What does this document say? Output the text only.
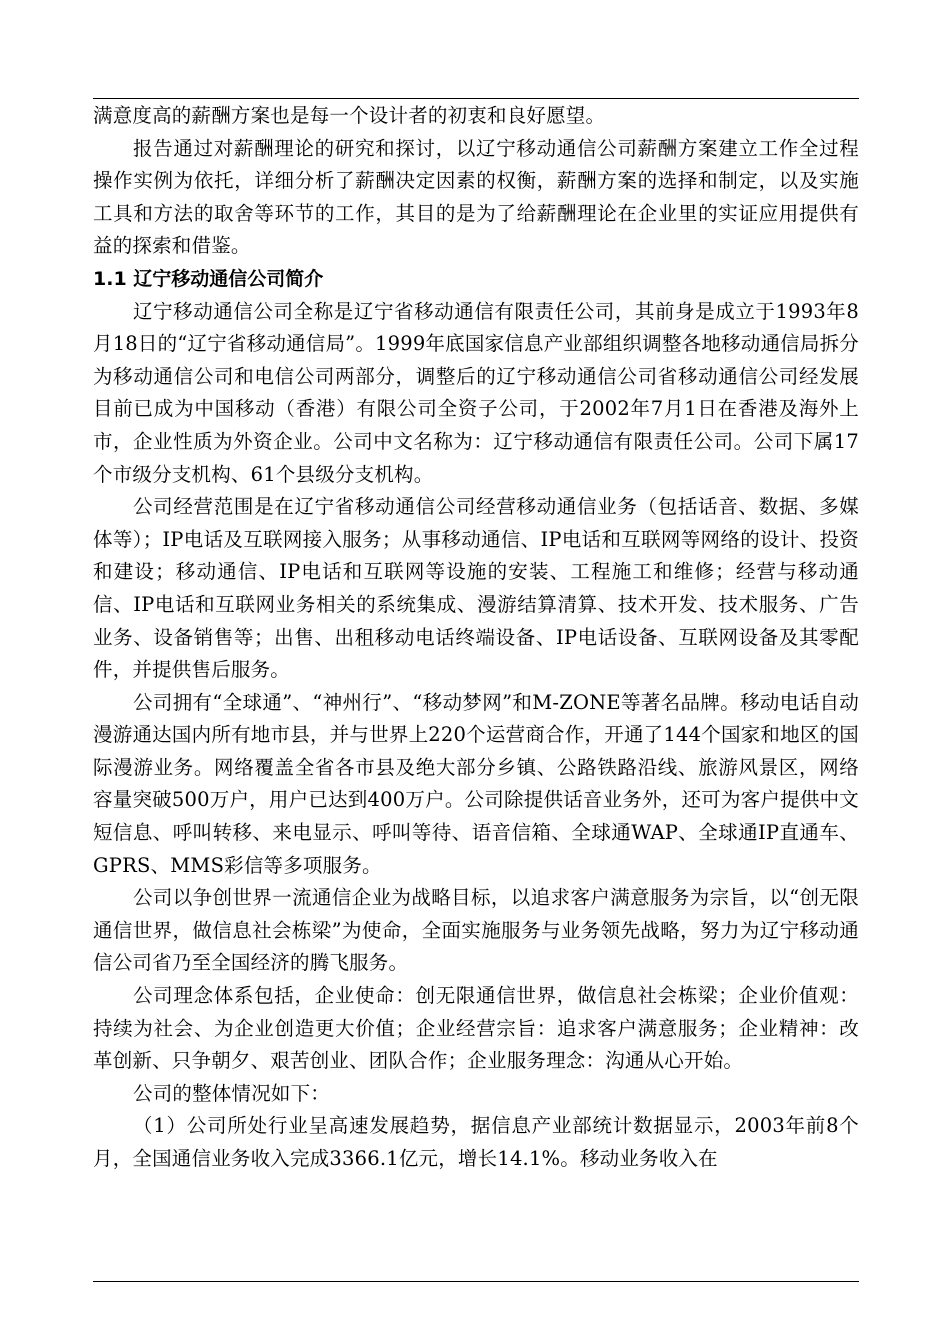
满意度高的薪酬方案也是每一个设计者的初衷和良好愿望。

报告通过对薪酬理论的研究和探讨，以辽宁移动通信公司薪酬方案建立工作全过程操作实例为依托，详细分析了薪酬决定因素的权衡，薪酬方案的选择和制定，以及实施工具和方法的取舍等环节的工作，其目的是为了给薪酬理论在企业里的实证应用提供有益的探索和借鉴。

1.1 辽宁移动通信公司简介

辽宁移动通信公司全称是辽宁省移动通信有限责任公司，其前身是成立于1993年8月18日的“辽宁省移动通信局”。1999年底国家信息产业部组织调整各地移动通信局拆分为移动通信公司和电信公司两部分，调整后的辽宁移动通信公司省移动通信公司经发展目前已成为中国移动（香港）有限公司全资子公司，于2002年7月1日在香港及海外上市，企业性质为外资企业。公司中文名称为：辽宁移动通信有限责任公司。公司下属17个市级分支机构、61个县级分支机构。

公司经营范围是在辽宁省移动通信公司经营移动通信业务（包括话音、数据、多媒体等）；IP电话及互联网接入服务；从事移动通信、IP电话和互联网等网络的设计、投资和建设；移动通信、IP电话和互联网等设施的安装、工程施工和维修；经营与移动通信、IP电话和互联网业务相关的系统集成、漫游结算清算、技术开发、技术服务、广告业务、设备销售等；出售、出租移动电话终端设备、IP电话设备、互联网设备及其零配件，并提供售后服务。

公司拥有“全球通”、“神州行”、“移动梦网”和M-ZONE等著名品牌。移动电话自动漫游通达国内所有地市县，并与世界上220个运营商合作，开通了144个国家和地区的国际漫游业务。网络覆盖全省各市县及绝大部分乡镇、公路铁路沿线、旅游风景区，网络容量突破500万户，用户已达到400万户。公司除提供话音业务外，还可为客户提供中文短信息、呼叫转移、来电显示、呼叫等待、语音信箱、全球通WAP、全球通IP直通车、GPRS、MMS彩信等多项服务。

公司以争创世界一流通信企业为战略目标，以追求客户满意服务为宗旨，以“创无限通信世界，做信息社会栋梁”为使命，全面实施服务与业务领先战略，努力为辽宁移动通信公司省乃至全国经济的腾飞服务。

公司理念体系包括，企业使命：创无限通信世界，做信息社会栋梁；企业价值观：持续为社会、为企业创造更大价值；企业经营宗旨：追求客户满意服务；企业精神：改革创新、只争朝夕、艰苦创业、团队合作；企业服务理念：沟通从心开始。

公司的整体情况如下：

（1）公司所处行业呈高速发展趋势，据信息产业部统计数据显示，2003年前8个月，全国通信业务收入完成3366.1亿元，增长14.1%。移动业务收入在
